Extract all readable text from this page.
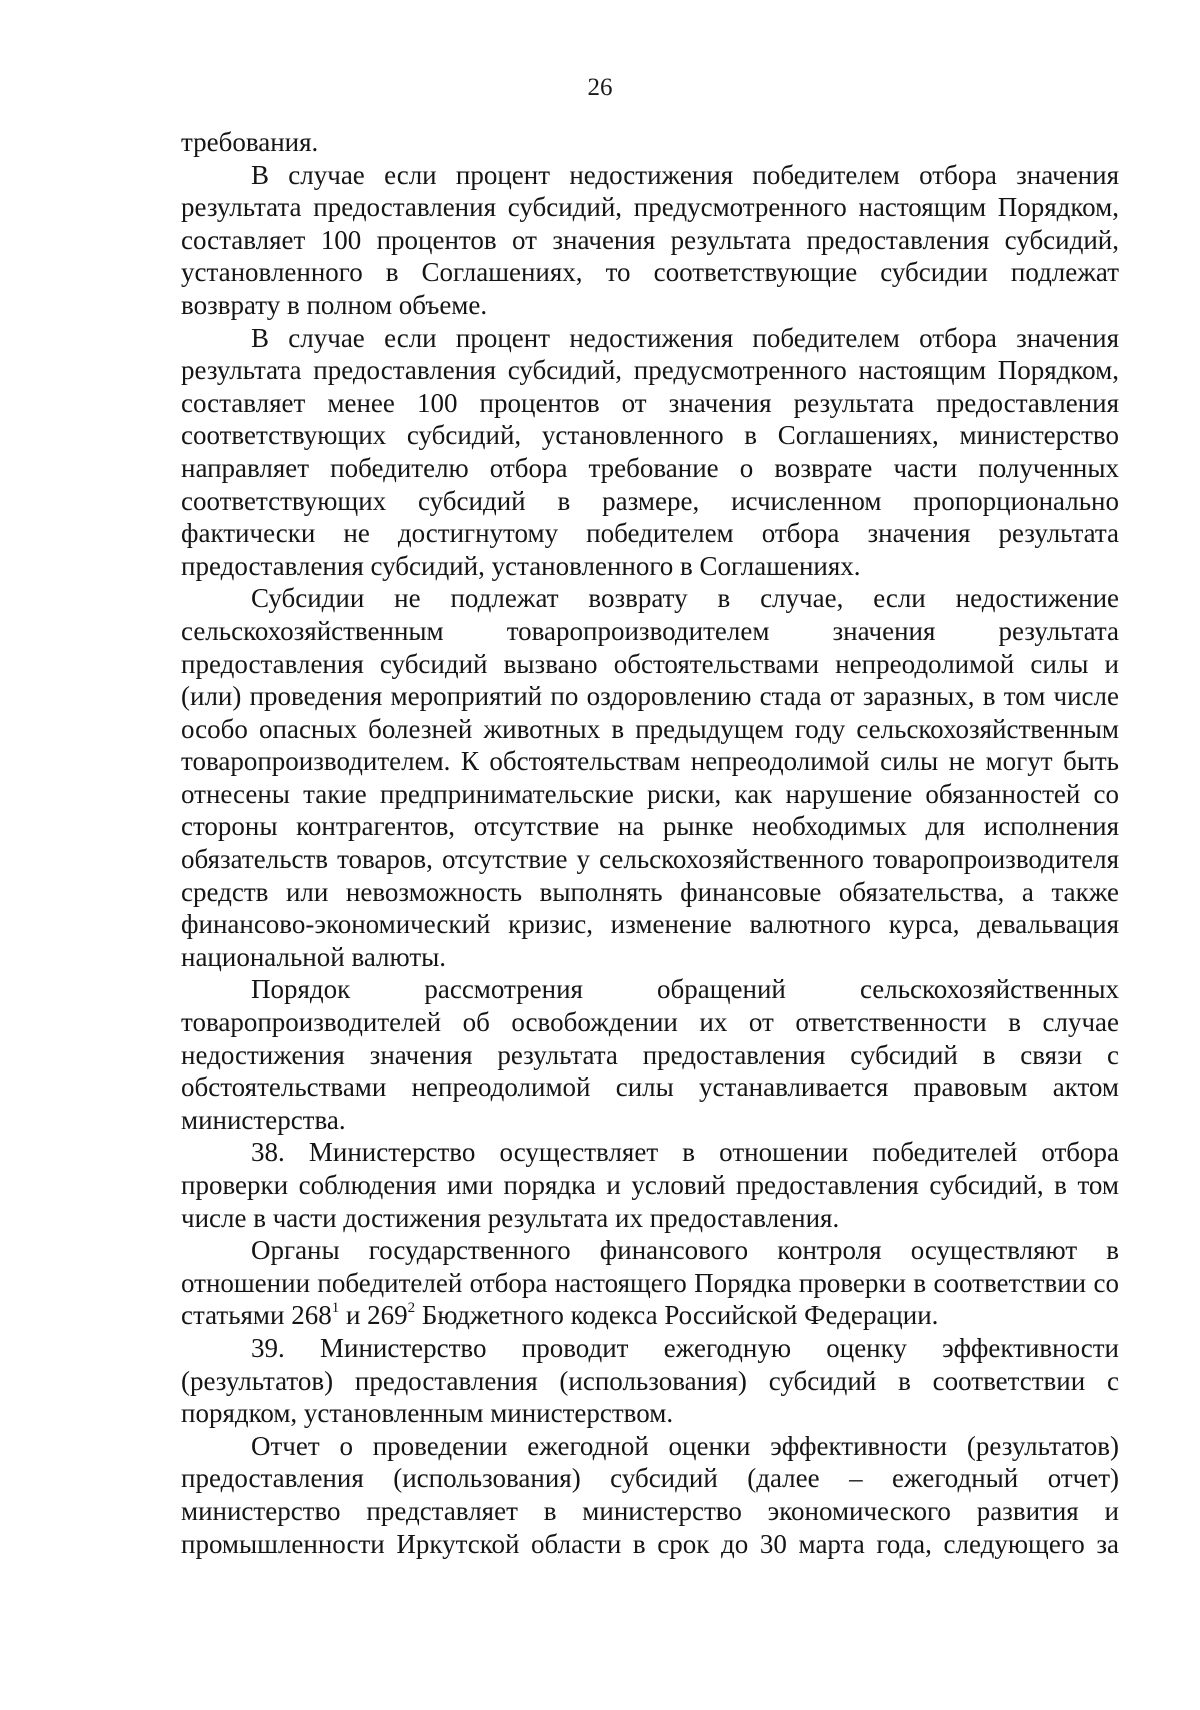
26

требования.

В случае если процент недостижения победителем отбора значения результата предоставления субсидий, предусмотренного настоящим Порядком, составляет 100 процентов от значения результата предоставления субсидий, установленного в Соглашениях, то соответствующие субсидии подлежат возврату в полном объеме.

В случае если процент недостижения победителем отбора значения результата предоставления субсидий, предусмотренного настоящим Порядком, составляет менее 100 процентов от значения результата предоставления соответствующих субсидий, установленного в Соглашениях, министерство направляет победителю отбора требование о возврате части полученных соответствующих субсидий в размере, исчисленном пропорционально фактически не достигнутому победителем отбора значения результата предоставления субсидий, установленного в Соглашениях.

Субсидии не подлежат возврату в случае, если недостижение сельскохозяйственным товаропроизводителем значения результата предоставления субсидий вызвано обстоятельствами непреодолимой силы и (или) проведения мероприятий по оздоровлению стада от заразных, в том числе особо опасных болезней животных в предыдущем году сельскохозяйственным товаропроизводителем. К обстоятельствам непреодолимой силы не могут быть отнесены такие предпринимательские риски, как нарушение обязанностей со стороны контрагентов, отсутствие на рынке необходимых для исполнения обязательств товаров, отсутствие у сельскохозяйственного товаропроизводителя средств или невозможность выполнять финансовые обязательства, а также финансово-экономический кризис, изменение валютного курса, девальвация национальной валюты.

Порядок рассмотрения обращений сельскохозяйственных товаропроизводителей об освобождении их от ответственности в случае недостижения значения результата предоставления субсидий в связи с обстоятельствами непреодолимой силы устанавливается правовым актом министерства.

38. Министерство осуществляет в отношении победителей отбора проверки соблюдения ими порядка и условий предоставления субсидий, в том числе в части достижения результата их предоставления.

Органы государственного финансового контроля осуществляют в отношении победителей отбора настоящего Порядка проверки в соответствии со статьями $268^1$ и $269^2$ Бюджетного кодекса Российской Федерации.

39. Министерство проводит ежегодную оценку эффективности (результатов) предоставления (использования) субсидий в соответствии с порядком, установленным министерством.

Отчет о проведении ежегодной оценки эффективности (результатов) предоставления (использования) субсидий (далее – ежегодный отчет) министерство представляет в министерство экономического развития и промышленности Иркутской области в срок до 30 марта года, следующего за
